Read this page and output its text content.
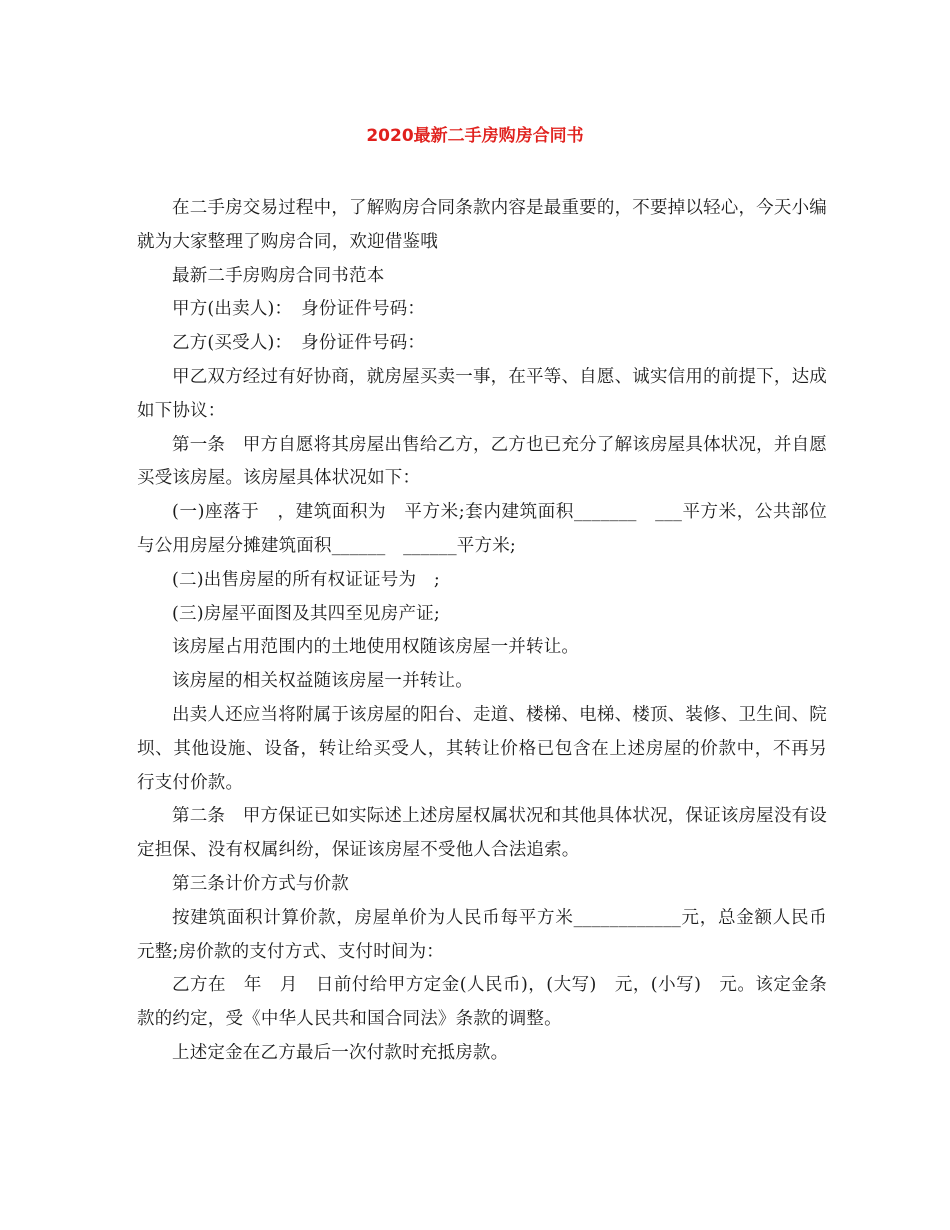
2020最新二手房购房合同书

在二手房交易过程中，了解购房合同条款内容是最重要的，不要掉以轻心，今天小编就为大家整理了购房合同，欢迎借鉴哦

最新二手房购房合同书范本

甲方(出卖人)：　身份证件号码：

乙方(买受人)：　身份证件号码：

甲乙双方经过有好协商，就房屋买卖一事，在平等、自愿、诚实信用的前提下，达成如下协议：

第一条　甲方自愿将其房屋出售给乙方，乙方也已充分了解该房屋具体状况，并自愿买受该房屋。该房屋具体状况如下：

(一)座落于　，建筑面积为　平方米;套内建筑面积_______　___平方米，公共部位与公用房屋分摊建筑面积______　______平方米;

(二)出售房屋的所有权证证号为　;

(三)房屋平面图及其四至见房产证;

该房屋占用范围内的土地使用权随该房屋一并转让。

该房屋的相关权益随该房屋一并转让。

出卖人还应当将附属于该房屋的阳台、走道、楼梯、电梯、楼顶、装修、卫生间、院坝、其他设施、设备，转让给买受人，其转让价格已包含在上述房屋的价款中，不再另行支付价款。

第二条　甲方保证已如实际述上述房屋权属状况和其他具体状况，保证该房屋没有设定担保、没有权属纠纷，保证该房屋不受他人合法追索。

第三条计价方式与价款

按建筑面积计算价款，房屋单价为人民币每平方米____________元，总金额人民币　元整;房价款的支付方式、支付时间为：

乙方在　年　月　日前付给甲方定金(人民币)，(大写)　元，(小写)　元。该定金条款的约定，受《中华人民共和国合同法》条款的调整。

上述定金在乙方最后一次付款时充抵房款。
